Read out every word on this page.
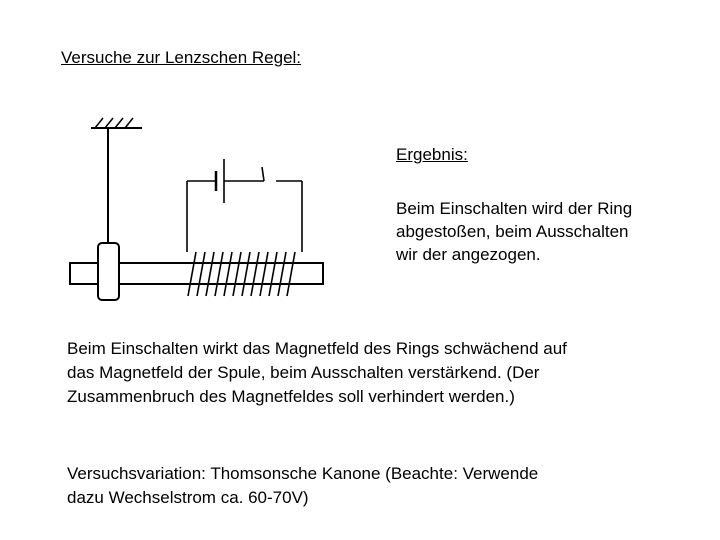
Versuche zur Lenzschen Regel:
Ergebnis:
Beim Einschalten wird der Ring
abgestoßen, beim Ausschalten
wir der angezogen.
Beim Einschalten wirkt das Magnetfeld des Rings schwächend auf
das Magnetfeld der Spule, beim Ausschalten verstärkend. (Der
Zusammenbruch des Magnetfeldes soll verhindert werden.)
Versuchsvariation: Thomsonsche Kanone (Beachte: Verwende
dazu Wechselstrom ca. 60-70V)
